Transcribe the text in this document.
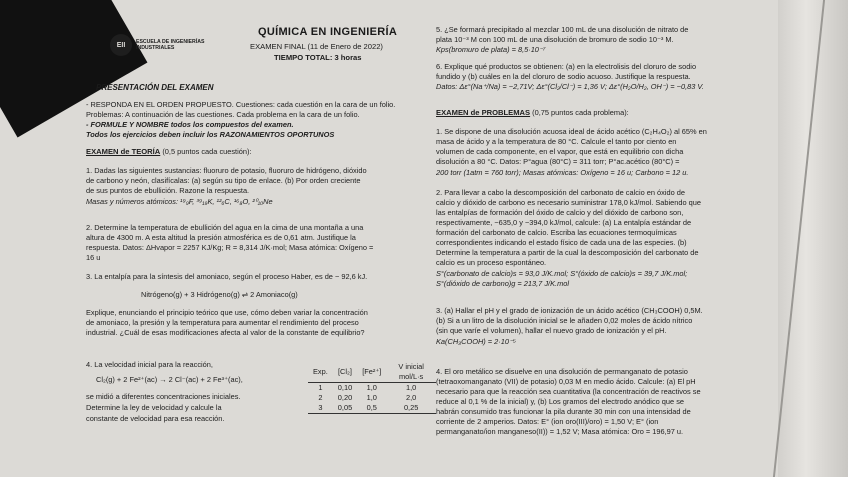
EII	ESCUELA DE INGENIERÍAS INDUSTRIALES
QUÍMICA EN INGENIERÍA
EXAMEN FINAL (11 de Enero de 2022)
TIEMPO TOTAL: 3 horas
PRESENTACIÓN DEL EXAMEN

- RESPONDA EN EL ORDEN PROPUESTO. Cuestiones: cada cuestión en la cara de un folio.

Problemas: A continuación de las cuestiones. Cada problema en la cara de un folio.

- FORMULE Y NOMBRE todos los compuestos del examen.

Todos los ejercicios deben incluir los RAZONAMIENTOS OPORTUNOS

EXAMEN de TEORÍA (0,5 puntos cada cuestión):

1. Dadas las siguientes sustancias: fluoruro de potasio, fluoruro de hidrógeno, dióxido

de carbono y neón, clasifícalas: (a) según su tipo de enlace. (b) Por orden creciente

de sus puntos de ebullición. Razone la respuesta.

Masas y números atómicos: ¹⁹₉F, ³⁹₁₉K, ¹²₆C, ¹⁶₈O, ²⁰₁₀Ne

2. Determine la temperatura de ebullición del agua en la cima de una montaña a una

altura de 4300 m. A esta altitud la presión atmosférica es de 0,61 atm. Justifique la

respuesta. Datos: ΔHvapor = 2257 KJ/Kg; R = 8,314 J/K·mol; Masa atómica: Oxígeno =

16 u

3. La entalpía para la síntesis del amoniaco, según el proceso Haber, es de − 92,6 kJ.

Nitrógeno(g) + 3 Hidrógeno(g) ⇌ 2 Amoniaco(g)

Explique, enunciando el principio teórico que use, cómo deben variar la concentración

de amoniaco, la presión y la temperatura para aumentar el rendimiento del proceso

industrial. ¿Cuál de esas modificaciones afecta al valor de la constante de equilibrio?

4. La velocidad inicial para la reacción,

Cl₂(g) + 2 Fe²⁺(ac) → 2 Cl⁻(ac) + 2 Fe³⁺(ac),

se midió a diferentes concentraciones iniciales.

Determine la ley de velocidad y calcule la

constante de velocidad para esa reacción.

Exp.	[Cl₂]	[Fe²⁺]	V inicial mol/L·s
1	0,10	1,0	1,0
2	0,20	1,0	2,0
3	0,05	0,5	0,25

5. ¿Se formará precipitado al mezclar 100 mL de una disolución de nitrato de

plata 10⁻³ M con 100 mL de una disolución de bromuro de sodio 10⁻³ M.

Kps(bromuro de plata) = 8,5·10⁻⁷

6. Explique qué productos se obtienen: (a) en la electrolisis del cloruro de sodio

fundido y (b) cuáles en la del cloruro de sodio acuoso. Justifique la respuesta.

Datos: Δε°(Na⁺/Na) = −2,71V; Δε°(Cl₂/Cl⁻) = 1,36 V; Δε°(H₂O/H₂, OH⁻) = −0,83 V.

EXAMEN de PROBLEMAS (0,75 puntos cada problema):

1. Se dispone de una disolución acuosa ideal de ácido acético (C₂H₄O₂) al 65% en

masa de ácido y a la temperatura de 80 °C. Calcule el tanto por ciento en

volumen de cada componente, en el vapor, que está en equilibrio con dicha

disolución a 80 °C. Datos: P°agua (80°C) = 311 torr; P°ac.acético (80°C) =

200 torr (1atm = 760 torr); Masas atómicas: Oxígeno = 16 u; Carbono = 12 u.

2. Para llevar a cabo la descomposición del carbonato de calcio en óxido de

calcio y dióxido de carbono es necesario suministrar 178,0 kJ/mol. Sabiendo que

las entalpías de formación del óxido de calcio y del dióxido de carbono son,

respectivamente, −635,0 y −394,0 kJ/mol, calcule: (a) La entalpía estándar de

formación del carbonato de calcio. Escriba las ecuaciones termoquímicas

correspondientes indicando el estado físico de cada una de las especies. (b)

Determine la temperatura a partir de la cual la descomposición del carbonato de

calcio es un proceso espontáneo.

S°(carbonato de calcio)s = 93,0 J/K.mol; S°(óxido de calcio)s = 39,7 J/K.mol;

S°(dióxido de carbono)g = 213,7 J/K.mol

3. (a) Hallar el pH y el grado de ionización de un ácido acético (CH₃COOH) 0,5M.

(b) Si a un litro de la disolución inicial se le añaden 0,02 moles de ácido nítrico

(sin que varíe el volumen), hallar el nuevo grado de ionización y el pH.

Ka(CH₃COOH) = 2·10⁻⁵

4. El oro metálico se disuelve en una disolución de permanganato de potasio

(tetraoxomanganato (VII) de potasio) 0,03 M en medio ácido. Calcule: (a) El pH

necesario para que la reacción sea cuantitativa (la concentración de reactivos se

reduce al 0,1 % de la inicial) y, (b) Los gramos del electrodo anódico que se

habrán consumido tras funcionar la pila durante 30 min con una intensidad de

corriente de 2 amperios. Datos: E° (ion oro(III)/oro) = 1,50 V; E° (ion

permanganato/ion manganeso(II)) = 1,52 V; Masa atómica: Oro = 196,97 u.
